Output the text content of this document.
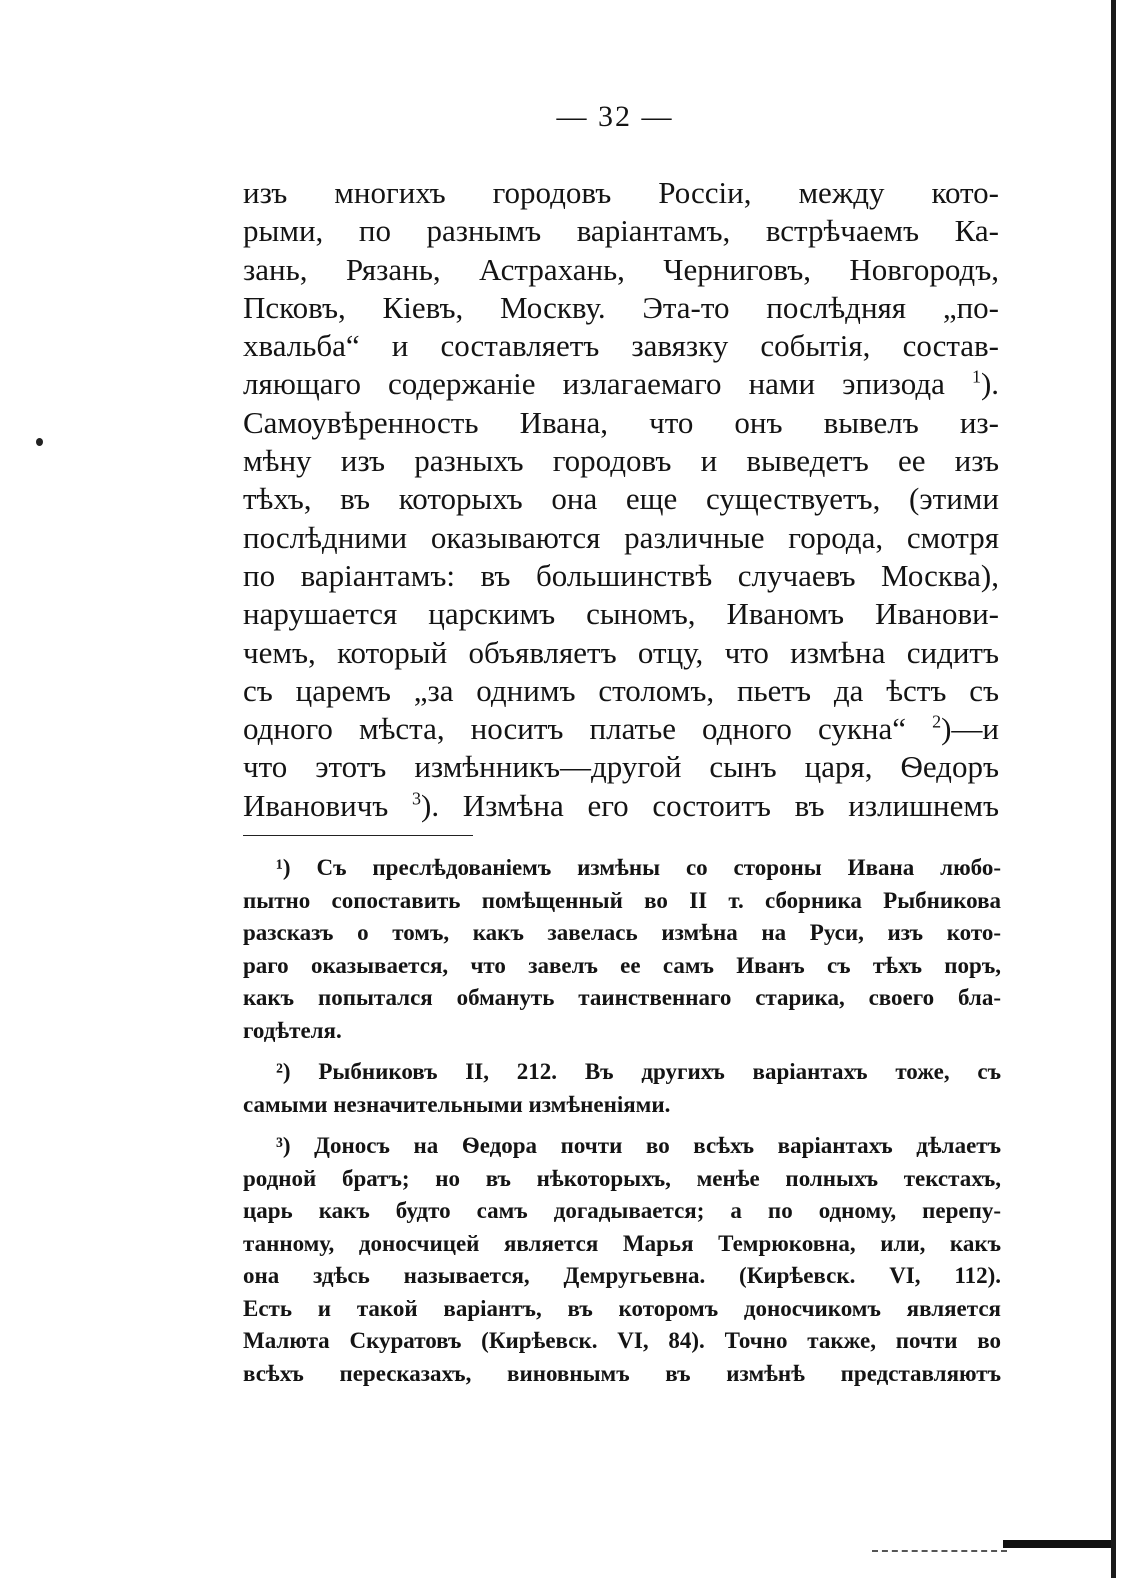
— 32 —
изъ многихъ городовъ Россіи, между кото-
рыми, по разнымъ варіантамъ, встрѣчаемъ Ка-
зань, Рязань, Астрахань, Черниговъ, Новгородъ,
Псковъ, Кіевъ, Москву. Эта-то послѣдняя „по-
хвальба“ и составляетъ завязку событія, состав-
ляющаго содержаніе излагаемаго нами эпизода $^1$).
Самоувѣренность Ивана, что онъ вывелъ из-
мѣну изъ разныхъ городовъ и выведетъ ее изъ
тѣхъ, въ которыхъ она еще существуетъ, (этими
послѣдними оказываются различные города, смотря
по варіантамъ: въ большинствѣ случаевъ Москва),
нарушается царскимъ сыномъ, Иваномъ Иванови-
чемъ, который объявляетъ отцу, что измѣна сидитъ
съ царемъ „за однимъ столомъ, пьетъ да ѣстъ съ
одного мѣста, носитъ платье одного сукна“ $^2$)—и
что этотъ измѣнникъ—другой сынъ царя, Ѳедоръ
Ивановичъ $^3$). Измѣна его состоитъ въ излишнемъ
¹) Съ преслѣдованіемъ измѣны со стороны Ивана любо-
пытно сопоставить помѣщенный во II т. сборника Рыбникова
разсказъ о томъ, какъ завелась измѣна на Руси, изъ кото-
раго оказывается, что завелъ ее самъ Иванъ съ тѣхъ поръ,
какъ попытался обмануть таинственнаго старика, своего бла-
годѣтеля.
²) Рыбниковъ II, 212. Въ другихъ варіантахъ тоже, съ
самыми незначительными измѣненіями.
³) Доносъ на Ѳедора почти во всѣхъ варіантахъ дѣлаетъ
родной братъ; но въ нѣкоторыхъ, менѣе полныхъ текстахъ,
царь какъ будто самъ догадывается; а по одному, перепу-
танному, доносчицей является Марья Темрюковна, или, какъ
она здѣсь называется, Демругьевна. (Кирѣевск. VI, 112).
Есть и такой варіантъ, въ которомъ доносчикомъ является
Малюта Скуратовъ (Кирѣевск. VI, 84). Точно также, почти во
всѣхъ пересказахъ, виновнымъ въ измѣнѣ представляютъ
